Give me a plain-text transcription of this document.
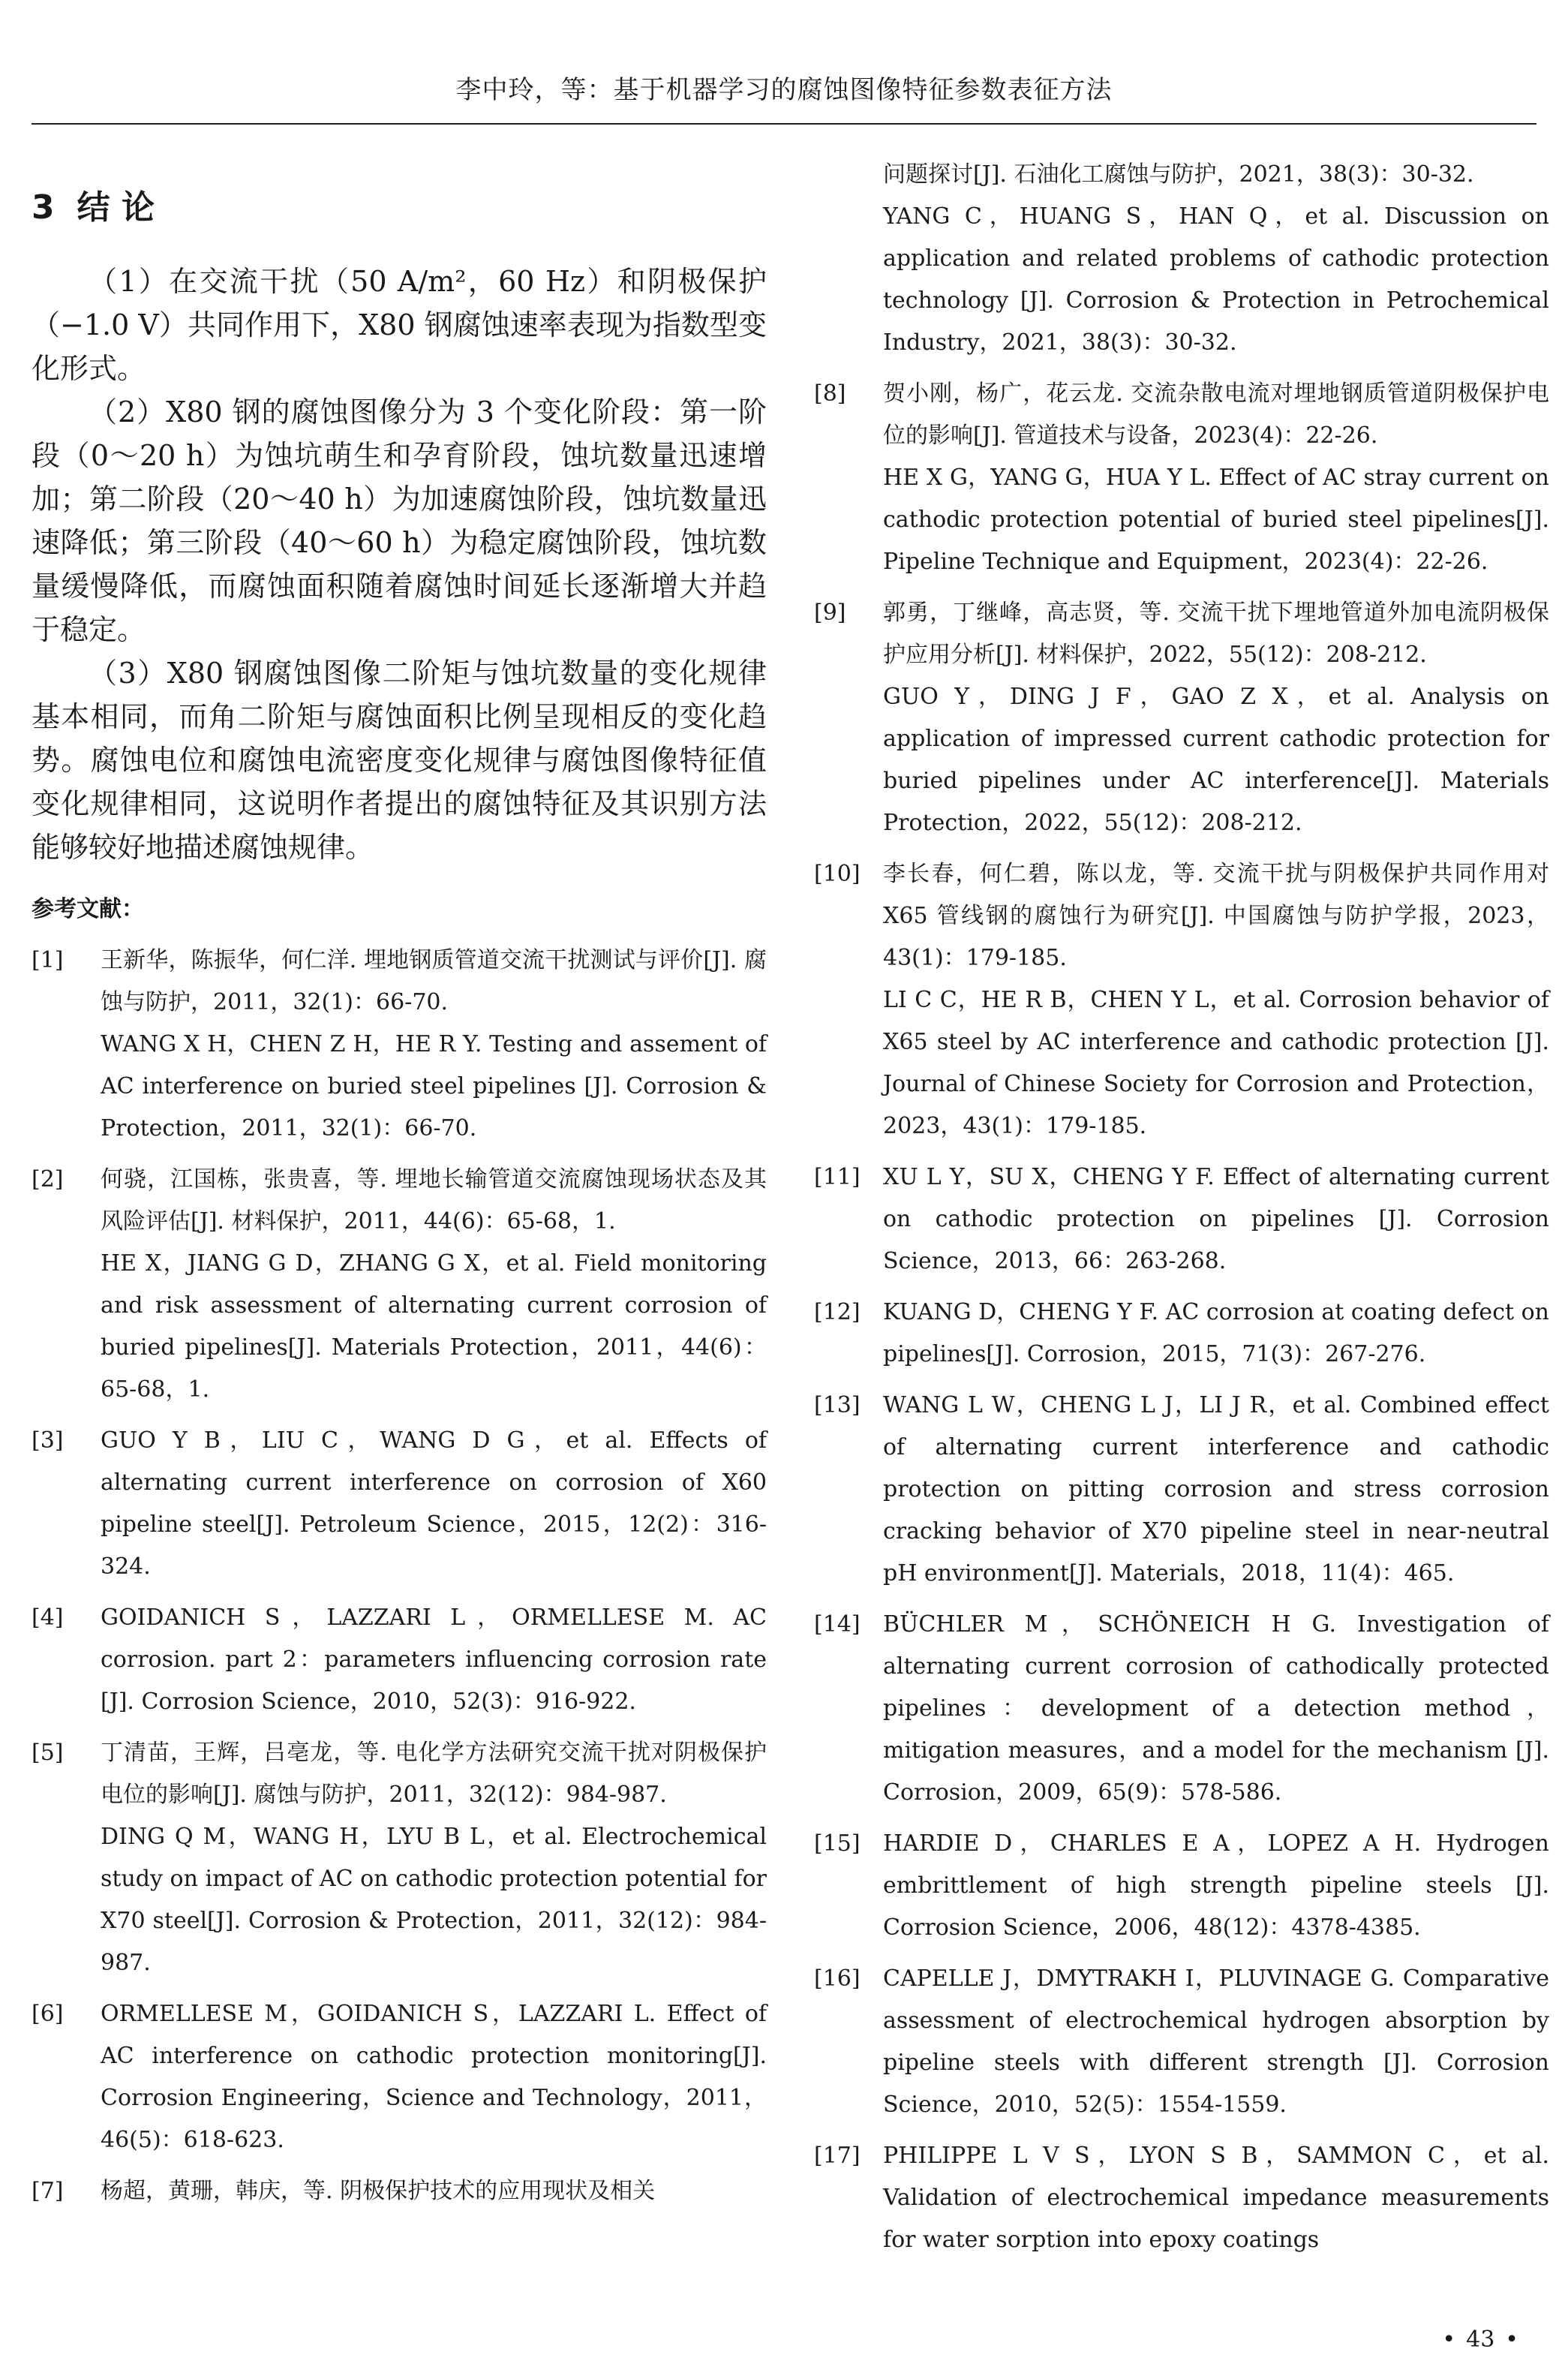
李中玲，等：基于机器学习的腐蚀图像特征参数表征方法
3 结 论

（1）在交流干扰（50 A/m²，60 Hz）和阴极保护（−1.0 V）共同作用下，X80 钢腐蚀速率表现为指数型变化形式。

（2）X80 钢的腐蚀图像分为 3 个变化阶段：第一阶段（0～20 h）为蚀坑萌生和孕育阶段，蚀坑数量迅速增加；第二阶段（20～40 h）为加速腐蚀阶段，蚀坑数量迅速降低；第三阶段（40～60 h）为稳定腐蚀阶段，蚀坑数量缓慢降低，而腐蚀面积随着腐蚀时间延长逐渐增大并趋于稳定。

（3）X80 钢腐蚀图像二阶矩与蚀坑数量的变化规律基本相同，而角二阶矩与腐蚀面积比例呈现相反的变化趋势。腐蚀电位和腐蚀电流密度变化规律与腐蚀图像特征值变化规律相同，这说明作者提出的腐蚀特征及其识别方法能够较好地描述腐蚀规律。

参考文献：
[1] 王新华，陈振华，何仁洋. 埋地钢质管道交流干扰测试与评价[J]. 腐蚀与防护，2011，32(1)：66-70.

WANG X H，CHEN Z H，HE R Y. Testing and assement of AC interference on buried steel pipelines [J]. Corrosion & Protection，2011，32(1)：66-70.

[2] 何骁，江国栋，张贵喜，等. 埋地长输管道交流腐蚀现场状态及其风险评估[J]. 材料保护，2011，44(6)：65-68，1.

HE X，JIANG G D，ZHANG G X，et al. Field monitoring and risk assessment of alternating current corrosion of buried pipelines[J]. Materials Protection，2011，44(6)：65-68，1.

[3] GUO Y B，LIU C，WANG D G，et al. Effects of alternating current interference on corrosion of X60 pipeline steel[J]. Petroleum Science，2015，12(2)：316-324.

[4] GOIDANICH S，LAZZARI L，ORMELLESE M. AC corrosion. part 2：parameters influencing corrosion rate [J]. Corrosion Science，2010，52(3)：916-922.

[5] 丁清苗，王辉，吕亳龙，等. 电化学方法研究交流干扰对阴极保护电位的影响[J]. 腐蚀与防护，2011，32(12)：984-987.

DING Q M，WANG H，LYU B L，et al. Electrochemical study on impact of AC on cathodic protection potential for X70 steel[J]. Corrosion & Protection，2011，32(12)：984-987.

[6] ORMELLESE M，GOIDANICH S，LAZZARI L. Effect of AC interference on cathodic protection monitoring[J]. Corrosion Engineering，Science and Technology，2011，46(5)：618-623.

[7] 杨超，黄珊，韩庆，等. 阴极保护技术的应用现状及相关

问题探讨[J]. 石油化工腐蚀与防护，2021，38(3)：30-32.

YANG C，HUANG S，HAN Q，et al. Discussion on application and related problems of cathodic protection technology [J]. Corrosion & Protection in Petrochemical Industry，2021，38(3)：30-32.

[8] 贺小刚，杨广，花云龙. 交流杂散电流对埋地钢质管道阴极保护电位的影响[J]. 管道技术与设备，2023(4)：22-26.

HE X G，YANG G，HUA Y L. Effect of AC stray current on cathodic protection potential of buried steel pipelines[J]. Pipeline Technique and Equipment，2023(4)：22-26.

[9] 郭勇，丁继峰，高志贤，等. 交流干扰下埋地管道外加电流阴极保护应用分析[J]. 材料保护，2022，55(12)：208-212.

GUO Y，DING J F，GAO Z X，et al. Analysis on application of impressed current cathodic protection for buried pipelines under AC interference[J]. Materials Protection，2022，55(12)：208-212.

[10] 李长春，何仁碧，陈以龙，等. 交流干扰与阴极保护共同作用对 X65 管线钢的腐蚀行为研究[J]. 中国腐蚀与防护学报，2023，43(1)：179-185.

LI C C，HE R B，CHEN Y L，et al. Corrosion behavior of X65 steel by AC interference and cathodic protection [J]. Journal of Chinese Society for Corrosion and Protection，2023，43(1)：179-185.

[11] XU L Y，SU X，CHENG Y F. Effect of alternating current on cathodic protection on pipelines [J]. Corrosion Science，2013，66：263-268.

[12] KUANG D，CHENG Y F. AC corrosion at coating defect on pipelines[J]. Corrosion，2015，71(3)：267-276.

[13] WANG L W，CHENG L J，LI J R，et al. Combined effect of alternating current interference and cathodic protection on pitting corrosion and stress corrosion cracking behavior of X70 pipeline steel in near-neutral pH environment[J]. Materials，2018，11(4)：465.

[14] BÜCHLER M，SCHÖNEICH H G. Investigation of alternating current corrosion of cathodically protected pipelines：development of a detection method，mitigation measures，and a model for the mechanism [J]. Corrosion，2009，65(9)：578-586.

[15] HARDIE D，CHARLES E A，LOPEZ A H. Hydrogen embrittlement of high strength pipeline steels [J]. Corrosion Science，2006，48(12)：4378-4385.

[16] CAPELLE J，DMYTRAKH I，PLUVINAGE G. Comparative assessment of electrochemical hydrogen absorption by pipeline steels with different strength [J]. Corrosion Science，2010，52(5)：1554-1559.

[17] PHILIPPE L V S，LYON S B，SAMMON C，et al. Validation of electrochemical impedance measurements for water sorption into epoxy coatings

• 43 •
